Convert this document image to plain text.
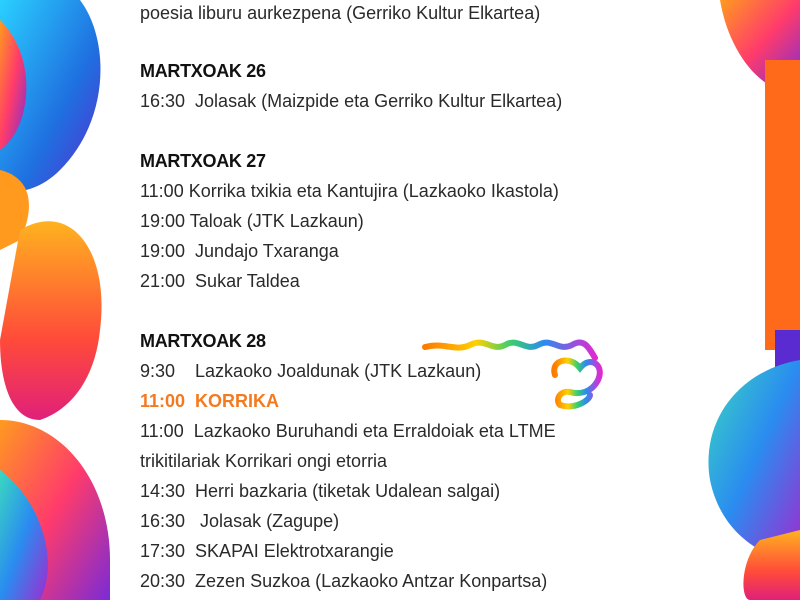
poesia liburu aurkezpena (Gerriko Kultur Elkartea)
MARTXOAK 26
16:30  Jolasak (Maizpide eta Gerriko Kultur Elkartea)
MARTXOAK 27
11:00 Korrika txikia eta Kantujira (Lazkaoko Ikastola)
19:00 Taloak (JTK Lazkaun)
19:00  Jundajo Txaranga
21:00  Sukar Taldea
MARTXOAK 28
9:30    Lazkaoko Joaldunak (JTK Lazkaun)
11:00  KORRIKA
11:00  Lazkaoko Buruhandi eta Erraldoiak eta LTME
trikitilariak Korrikari ongi etorria
14:30  Herri bazkaria (tiketak Udalean salgai)
16:30   Jolasak (Zagupe)
17:30  SKAPAI Elektrotxarangie
20:30  Zezen Suzkoa (Lazkaoko Antzar Konpartsa)
